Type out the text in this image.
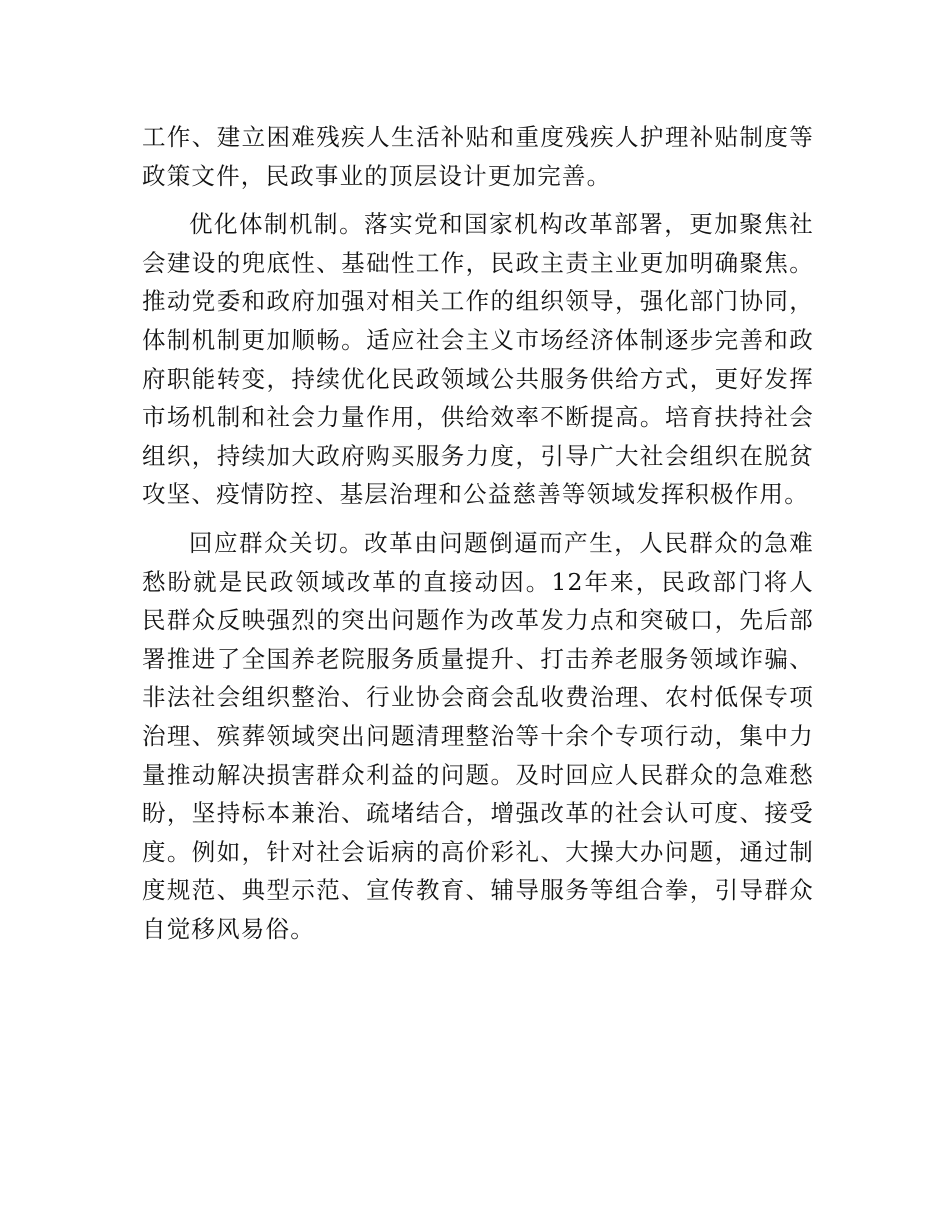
工作、建立困难残疾人生活补贴和重度残疾人护理补贴制度等
政策文件，民政事业的顶层设计更加完善。
优化体制机制。落实党和国家机构改革部署，更加聚焦社
会建设的兜底性、基础性工作，民政主责主业更加明确聚焦。
推动党委和政府加强对相关工作的组织领导，强化部门协同，
体制机制更加顺畅。适应社会主义市场经济体制逐步完善和政
府职能转变，持续优化民政领域公共服务供给方式，更好发挥
市场机制和社会力量作用，供给效率不断提高。培育扶持社会
组织，持续加大政府购买服务力度，引导广大社会组织在脱贫
攻坚、疫情防控、基层治理和公益慈善等领域发挥积极作用。
回应群众关切。改革由问题倒逼而产生，人民群众的急难
愁盼就是民政领域改革的直接动因。12年来，民政部门将人
民群众反映强烈的突出问题作为改革发力点和突破口，先后部
署推进了全国养老院服务质量提升、打击养老服务领域诈骗、
非法社会组织整治、行业协会商会乱收费治理、农村低保专项
治理、殡葬领域突出问题清理整治等十余个专项行动，集中力
量推动解决损害群众利益的问题。及时回应人民群众的急难愁
盼，坚持标本兼治、疏堵结合，增强改革的社会认可度、接受
度。例如，针对社会诟病的高价彩礼、大操大办问题，通过制
度规范、典型示范、宣传教育、辅导服务等组合拳，引导群众
自觉移风易俗。
